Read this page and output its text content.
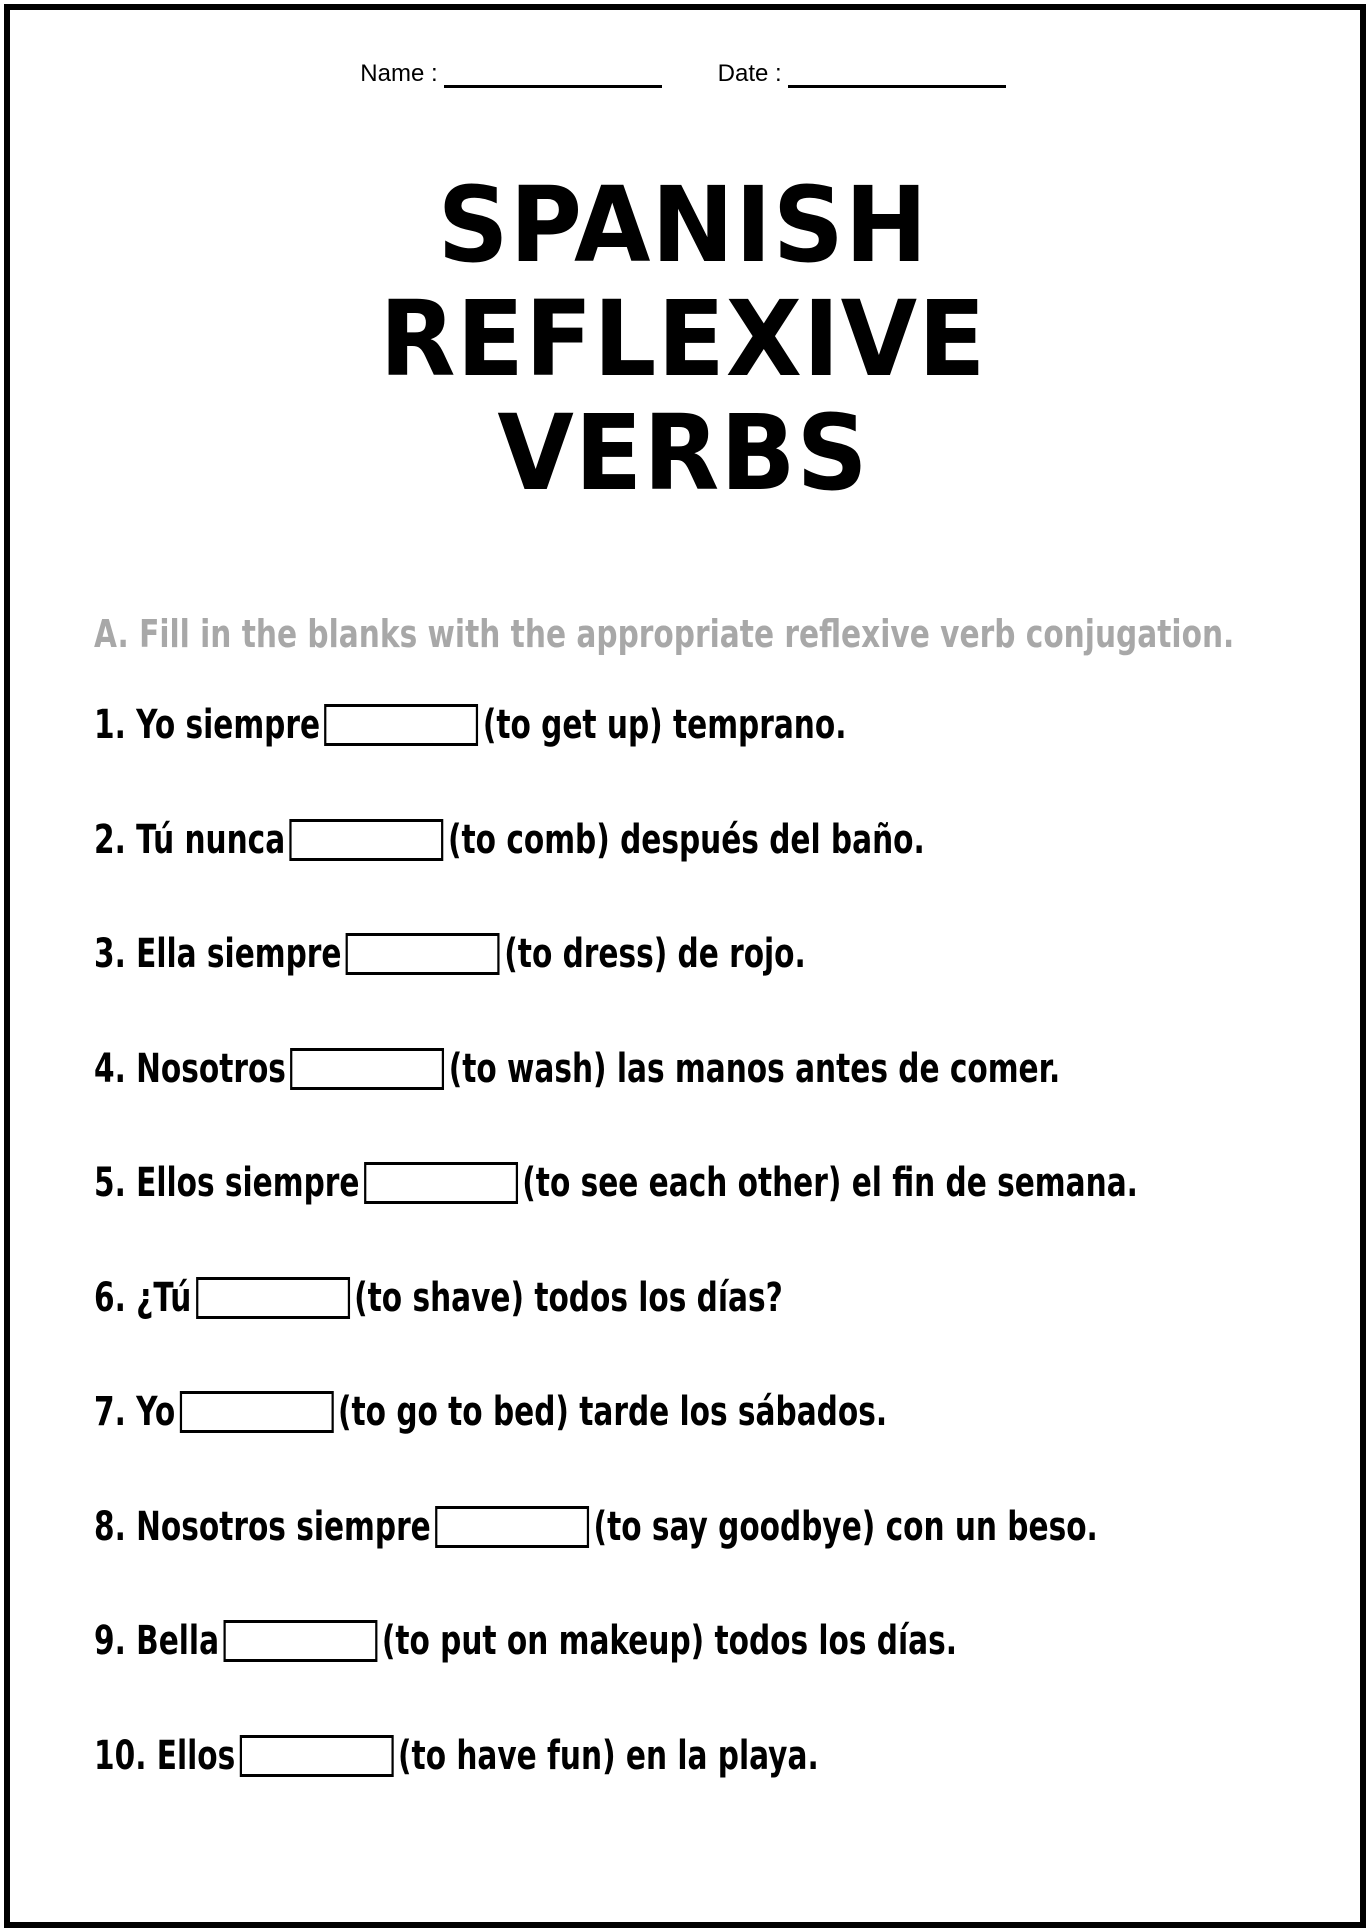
Name :	Date :
SPANISH
REFLEXIVE
VERBS
A. Fill in the blanks with the appropriate reflexive verb conjugation.
1. Yo siempre	(to get up) temprano.
2. Tú nunca	(to comb) después del baño.
3. Ella siempre	(to dress) de rojo.
4. Nosotros	(to wash) las manos antes de comer.
5. Ellos siempre	(to see each other) el fin de semana.
6. ¿Tú	(to shave) todos los días?
7. Yo	(to go to bed) tarde los sábados.
8. Nosotros siempre	(to say goodbye) con un beso.
9. Bella	(to put on makeup) todos los días.
10. Ellos	(to have fun) en la playa.
